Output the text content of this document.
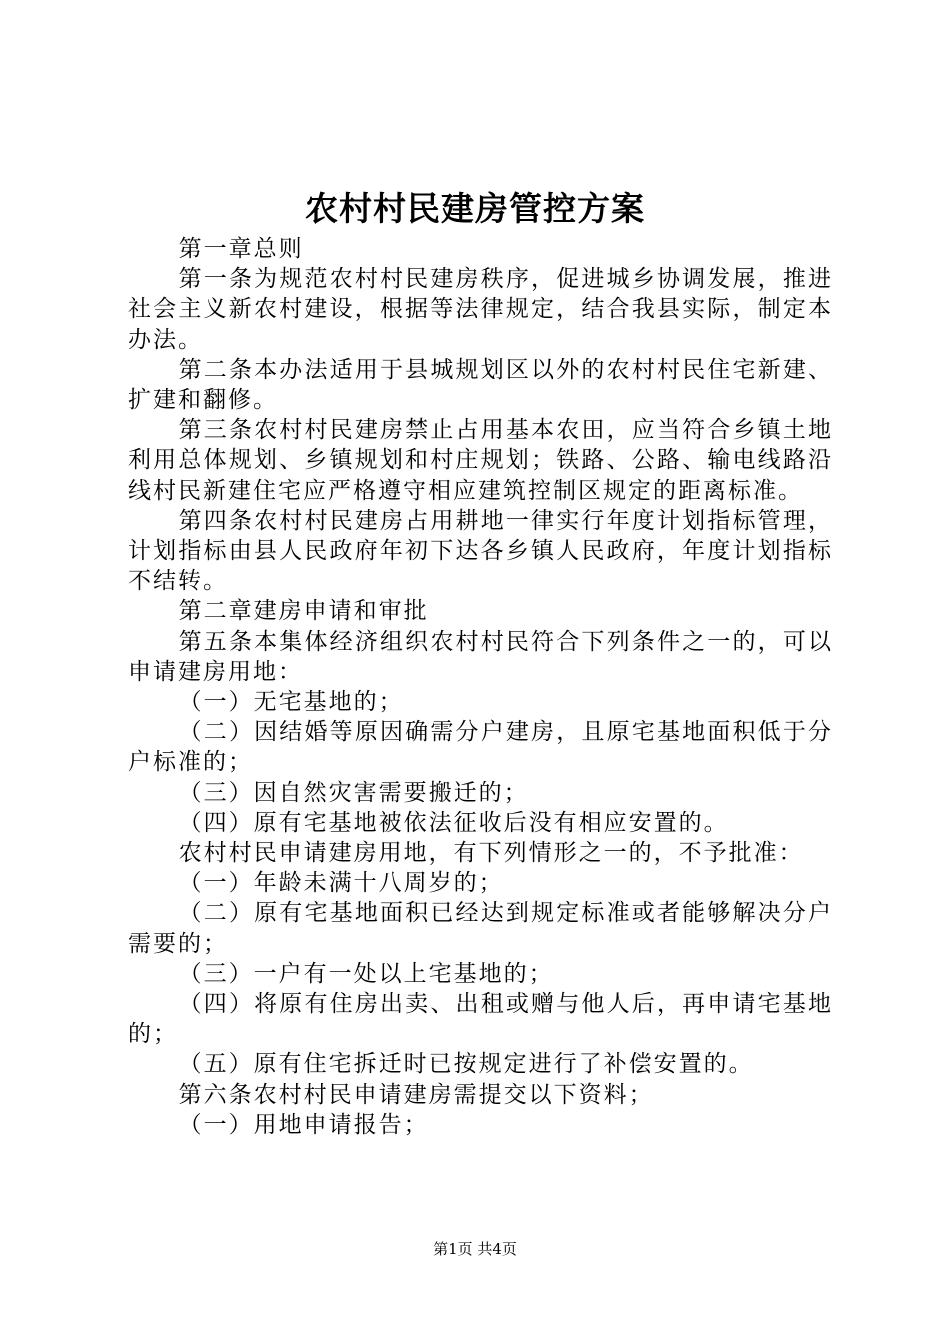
农村村民建房管控方案

第一章总则

第一条为规范农村村民建房秩序，促进城乡协调发展，推进社会主义新农村建设，根据等法律规定，结合我县实际，制定本办法。

第二条本办法适用于县城规划区以外的农村村民住宅新建、扩建和翻修。

第三条农村村民建房禁止占用基本农田，应当符合乡镇土地利用总体规划、乡镇规划和村庄规划；铁路、公路、输电线路沿线村民新建住宅应严格遵守相应建筑控制区规定的距离标准。

第四条农村村民建房占用耕地一律实行年度计划指标管理，计划指标由县人民政府年初下达各乡镇人民政府，年度计划指标不结转。

第二章建房申请和审批

第五条本集体经济组织农村村民符合下列条件之一的，可以申请建房用地：

（一）无宅基地的；

（二）因结婚等原因确需分户建房，且原宅基地面积低于分户标准的；

（三）因自然灾害需要搬迁的；

（四）原有宅基地被依法征收后没有相应安置的。

农村村民申请建房用地，有下列情形之一的，不予批准：

（一）年龄未满十八周岁的；

（二）原有宅基地面积已经达到规定标准或者能够解决分户需要的；

（三）一户有一处以上宅基地的；

（四）将原有住房出卖、出租或赠与他人后，再申请宅基地的；

（五）原有住宅拆迁时已按规定进行了补偿安置的。

第六条农村村民申请建房需提交以下资料；

（一）用地申请报告；

第1页 共4页
